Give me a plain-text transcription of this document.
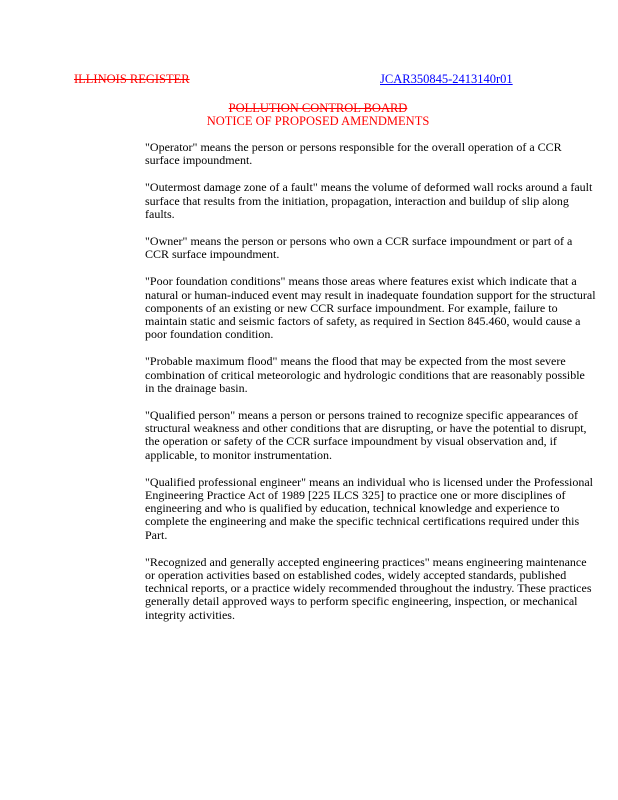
ILLINOIS REGISTER	JCAR350845-2413140r01
POLLUTION CONTROL BOARD
NOTICE OF PROPOSED AMENDMENTS

"Operator" means the person or persons responsible for the overall operation of a CCR surface impoundment.

"Outermost damage zone of a fault" means the volume of deformed wall rocks around a fault surface that results from the initiation, propagation, interaction and buildup of slip along faults.

"Owner" means the person or persons who own a CCR surface impoundment or part of a CCR surface impoundment.

"Poor foundation conditions" means those areas where features exist which indicate that a natural or human-induced event may result in inadequate foundation support for the structural components of an existing or new CCR surface impoundment. For example, failure to maintain static and seismic factors of safety, as required in Section 845.460, would cause a poor foundation condition.

"Probable maximum flood" means the flood that may be expected from the most severe combination of critical meteorologic and hydrologic conditions that are reasonably possible in the drainage basin.

"Qualified person" means a person or persons trained to recognize specific appearances of structural weakness and other conditions that are disrupting, or have the potential to disrupt, the operation or safety of the CCR surface impoundment by visual observation and, if applicable, to monitor instrumentation.

"Qualified professional engineer" means an individual who is licensed under the Professional Engineering Practice Act of 1989 [225 ILCS 325] to practice one or more disciplines of engineering and who is qualified by education, technical knowledge and experience to complete the engineering and make the specific technical certifications required under this Part.

"Recognized and generally accepted engineering practices" means engineering maintenance or operation activities based on established codes, widely accepted standards, published technical reports, or a practice widely recommended throughout the industry. These practices generally detail approved ways to perform specific engineering, inspection, or mechanical integrity activities.
